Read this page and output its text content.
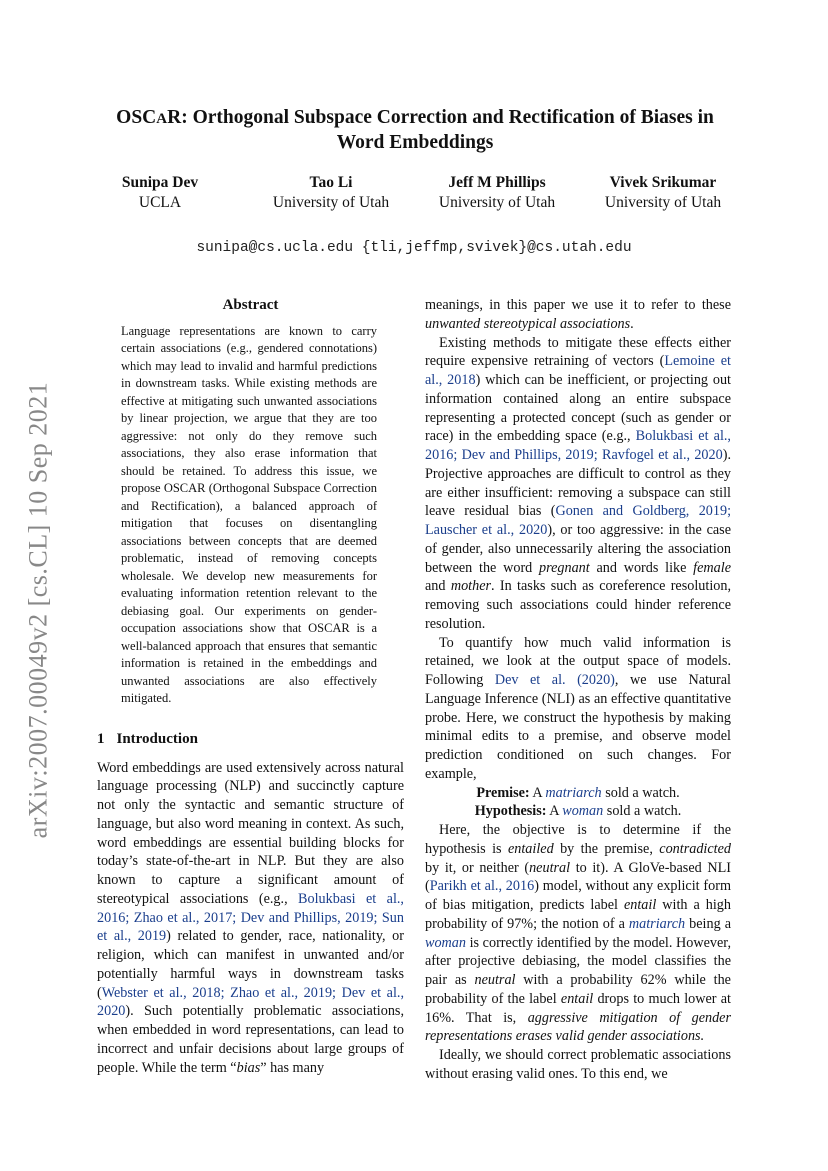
arXiv:2007.00049v2 [cs.CL] 10 Sep 2021
OSCAR: Orthogonal Subspace Correction and Rectification of Biases in
Word Embeddings
Sunipa Dev
UCLA
Tao Li
University of Utah
Jeff M Phillips
University of Utah
Vivek Srikumar
University of Utah
sunipa@cs.ucla.edu {tli,jeffmp,svivek}@cs.utah.edu
Abstract
Language representations are known to carry certain associations (e.g., gendered connotations) which may lead to invalid and harmful predictions in downstream tasks. While existing methods are effective at mitigating such unwanted associations by linear projection, we argue that they are too aggressive: not only do they remove such associations, they also erase information that should be retained. To address this issue, we propose OSCAR (Orthogonal Subspace Correction and Rectification), a balanced approach of mitigation that focuses on disentangling associations between concepts that are deemed problematic, instead of removing concepts wholesale. We develop new measurements for evaluating information retention relevant to the debiasing goal. Our experiments on gender-occupation associations show that OSCAR is a well-balanced approach that ensures that semantic information is retained in the embeddings and unwanted associations are also effectively mitigated.
1 Introduction

Word embeddings are used extensively across natural language processing (NLP) and succinctly capture not only the syntactic and semantic structure of language, but also word meaning in context. As such, word embeddings are essential building blocks for today’s state-of-the-art in NLP. But they are also known to capture a significant amount of stereotypical associations (e.g., Bolukbasi et al., 2016; Zhao et al., 2017; Dev and Phillips, 2019; Sun et al., 2019) related to gender, race, nationality, or religion, which can manifest in unwanted and/or potentially harmful ways in downstream tasks (Webster et al., 2018; Zhao et al., 2019; Dev et al., 2020). Such potentially problematic associations, when embedded in word representations, can lead to incorrect and unfair decisions about large groups of people. While the term “bias” has many

meanings, in this paper we use it to refer to these unwanted stereotypical associations.

Existing methods to mitigate these effects either require expensive retraining of vectors (Lemoine et al., 2018) which can be inefficient, or projecting out information contained along an entire subspace representing a protected concept (such as gender or race) in the embedding space (e.g., Bolukbasi et al., 2016; Dev and Phillips, 2019; Ravfogel et al., 2020). Projective approaches are difficult to control as they are either insufficient: removing a subspace can still leave residual bias (Gonen and Goldberg, 2019; Lauscher et al., 2020), or too aggressive: in the case of gender, also unnecessarily altering the association between the word pregnant and words like female and mother. In tasks such as coreference resolution, removing such associations could hinder reference resolution.

To quantify how much valid information is retained, we look at the output space of models. Following Dev et al. (2020), we use Natural Language Inference (NLI) as an effective quantitative probe. Here, we construct the hypothesis by making minimal edits to a premise, and observe model prediction conditioned on such changes. For example,

Premise: A matriarch sold a watch.
Hypothesis: A woman sold a watch.

Here, the objective is to determine if the hypothesis is entailed by the premise, contradicted by it, or neither (neutral to it). A GloVe-based NLI (Parikh et al., 2016) model, without any explicit form of bias mitigation, predicts label entail with a high probability of 97%; the notion of a matriarch being a woman is correctly identified by the model. However, after projective debiasing, the model classifies the pair as neutral with a probability 62% while the probability of the label entail drops to much lower at 16%. That is, aggressive mitigation of gender representations erases valid gender associations.

Ideally, we should correct problematic associations without erasing valid ones. To this end, we
